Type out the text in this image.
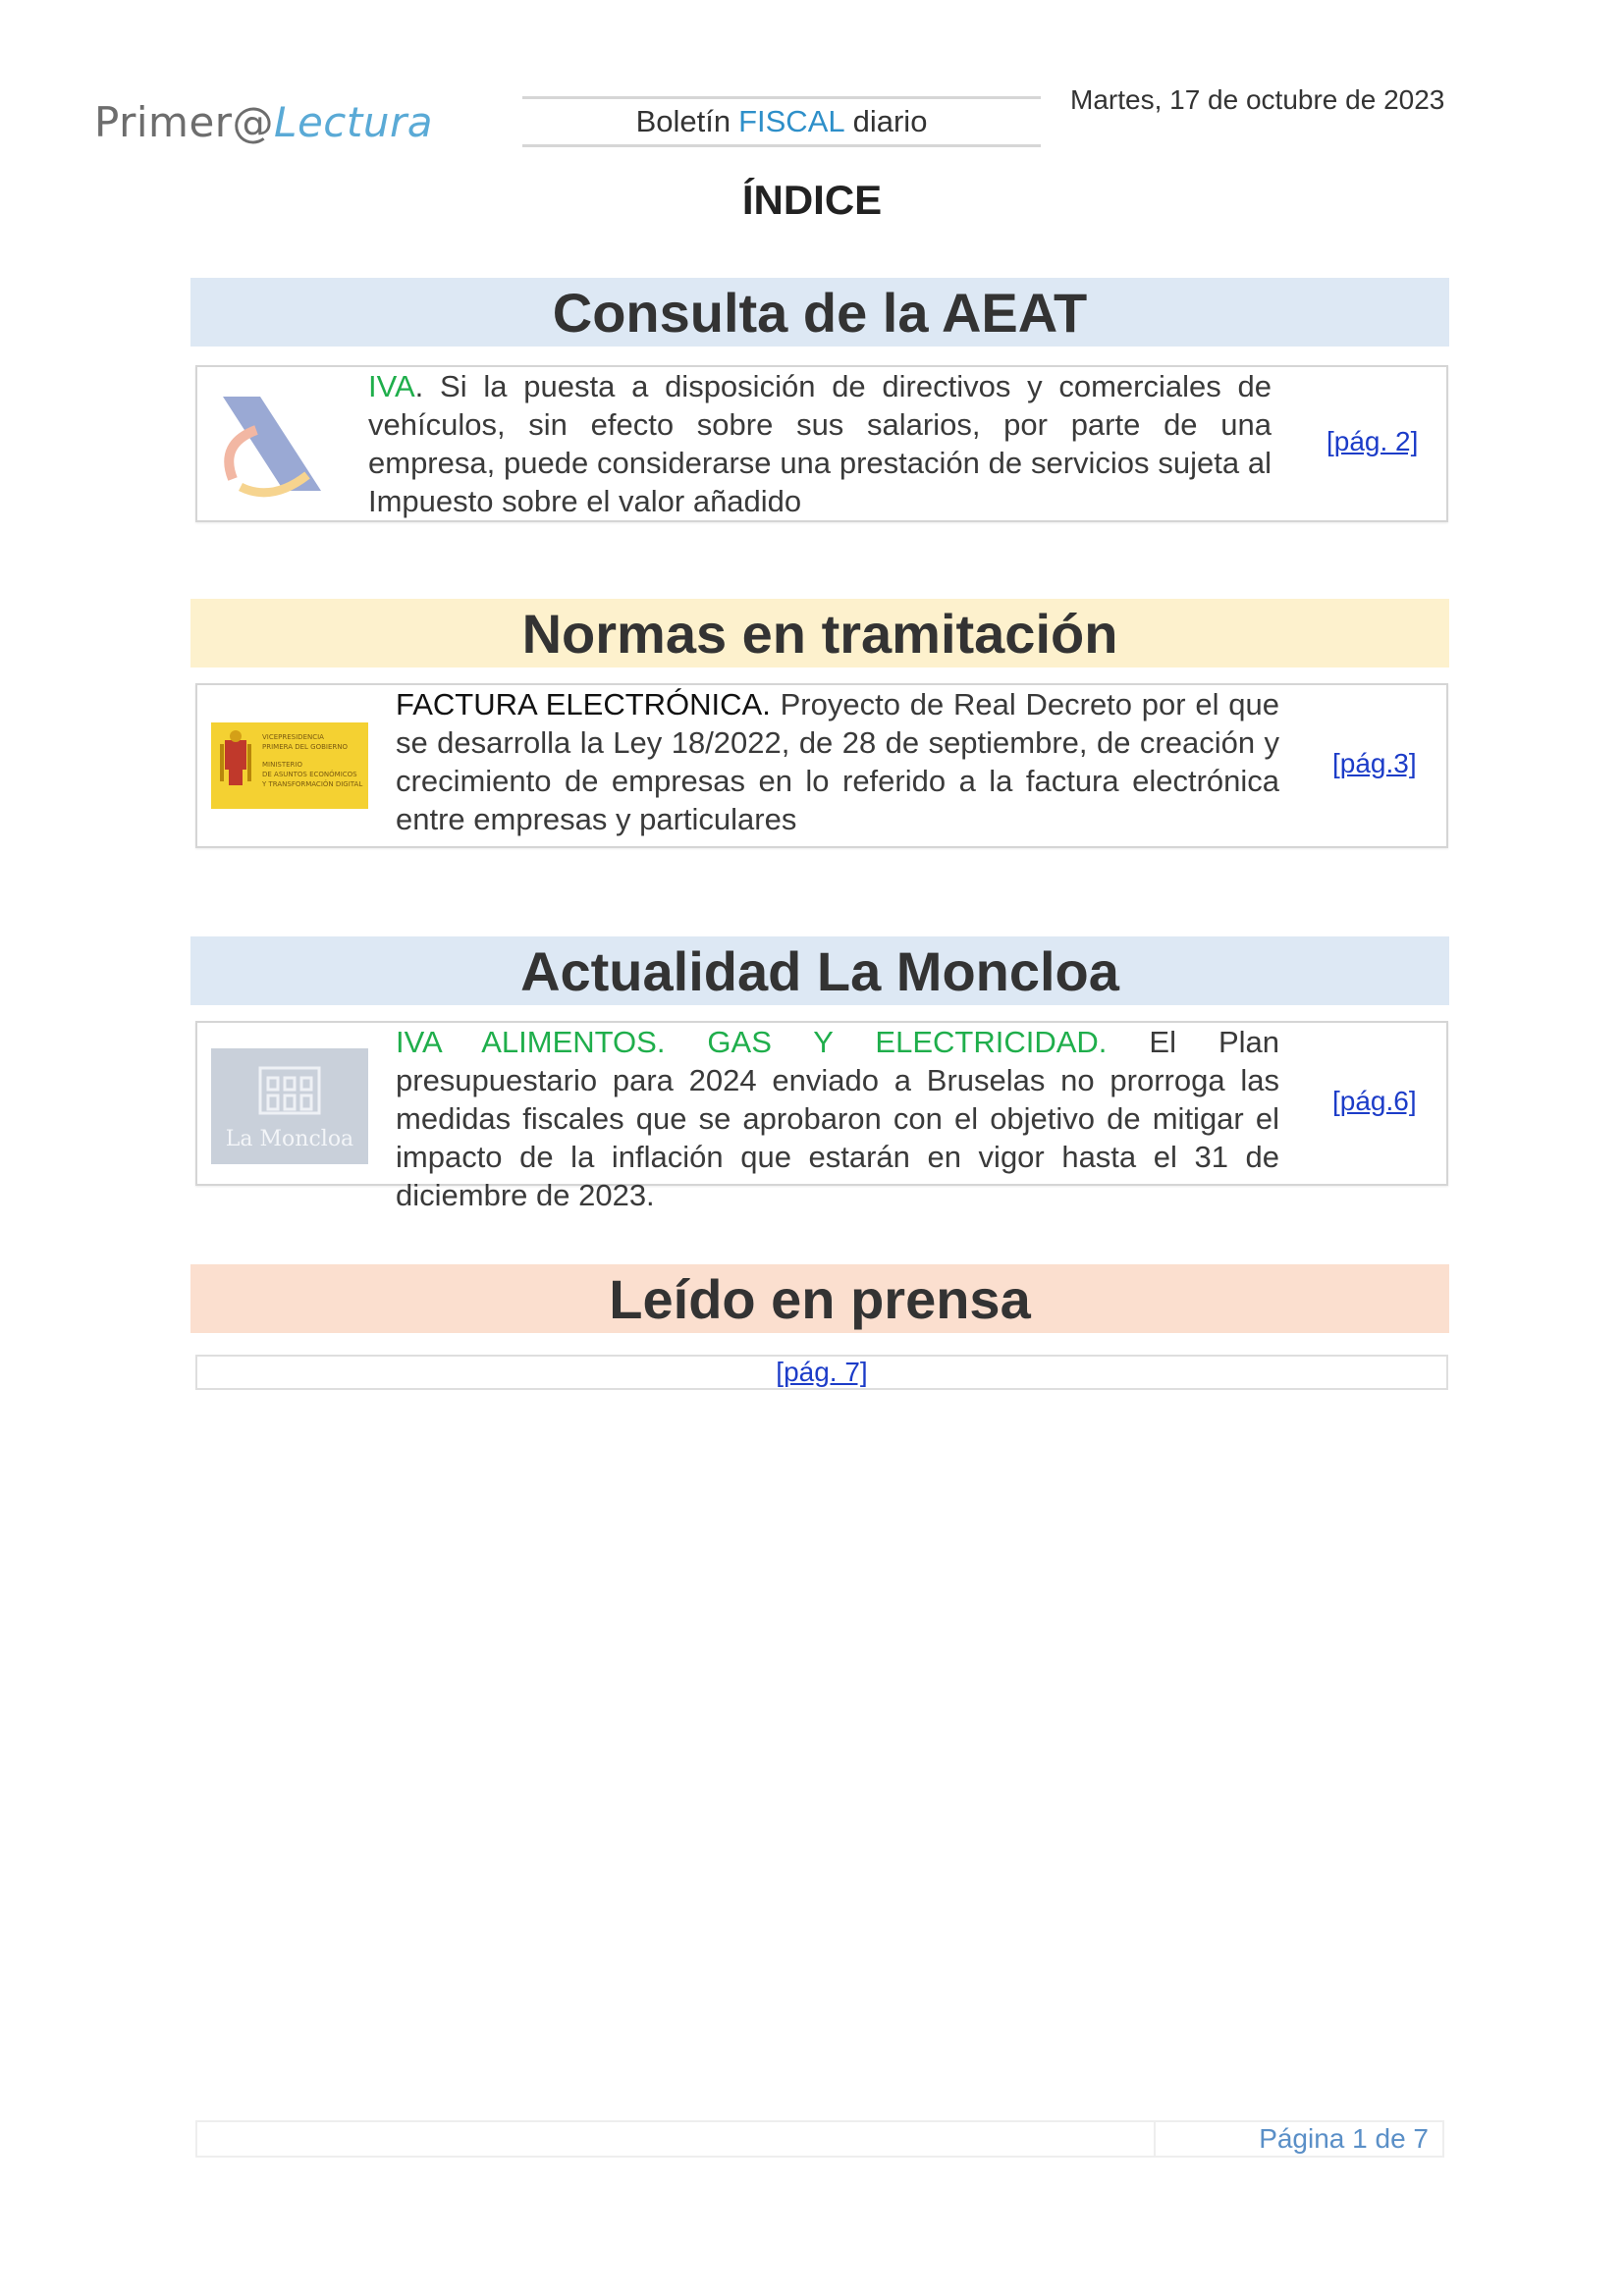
Primer@Lectura	Boletín FISCAL diario
Martes, 17 de octubre de 2023
ÍNDICE
Consulta de la AEAT
IVA. Si la puesta a disposición de directivos y comerciales de vehículos, sin efecto sobre sus salarios, por parte de una empresa, puede considerarse una prestación de servicios sujeta al Impuesto sobre el valor añadido
[pág. 2]
Normas en tramitación
VICEPRESIDENCIA
PRIMERA DEL GOBIERNO
MINISTERIO
DE ASUNTOS ECONÓMICOS
Y TRANSFORMACIÓN DIGITAL
FACTURA ELECTRÓNICA. Proyecto de Real Decreto por el que se desarrolla la Ley 18/2022, de 28 de septiembre, de creación y crecimiento de empresas en lo referido a la factura electrónica entre empresas y particulares
[pág.3]
Actualidad La Moncloa
La Moncloa
IVA ALIMENTOS. GAS Y ELECTRICIDAD. El Plan presupuestario para 2024 enviado a Bruselas no prorroga las medidas fiscales que se aprobaron con el objetivo de mitigar el impacto de la inflación que estarán en vigor hasta el 31 de diciembre de 2023.
[pág.6]
Leído en prensa
[pág. 7]
Página 1 de 7
